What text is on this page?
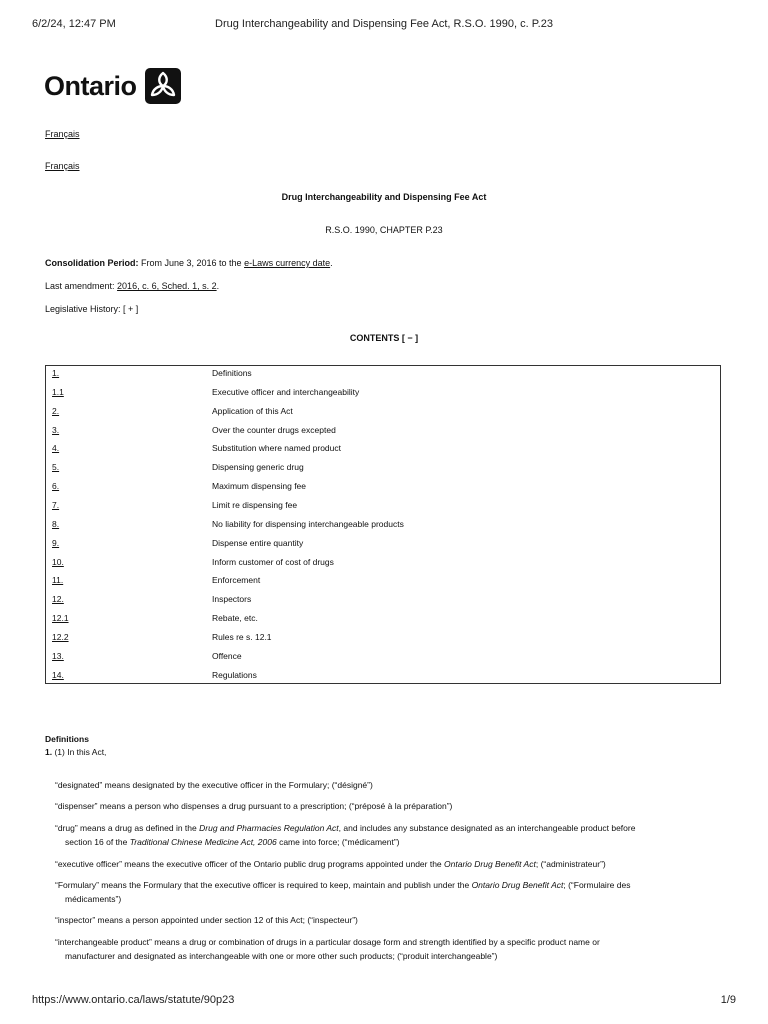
6/2/24, 12:47 PM	Drug Interchangeability and Dispensing Fee Act, R.S.O. 1990, c. P.23
Ontario
Français
Français
Drug Interchangeability and Dispensing Fee Act
R.S.O. 1990, CHAPTER P.23
Consolidation Period: From June 3, 2016 to the e-Laws currency date.
Last amendment: 2016, c. 6, Sched. 1, s. 2.
Legislative History: [ + ]
CONTENTS [ − ]
1.	Definitions
1.1	Executive officer and interchangeability
2.	Application of this Act
3.	Over the counter drugs excepted
4.	Substitution where named product
5.	Dispensing generic drug
6.	Maximum dispensing fee
7.	Limit re dispensing fee
8.	No liability for dispensing interchangeable products
9.	Dispense entire quantity
10.	Inform customer of cost of drugs
11.	Enforcement
12.	Inspectors
12.1	Rebate, etc.
12.2	Rules re s. 12.1
13.	Offence
14.	Regulations
Definitions
1. (1) In this Act,
“designated” means designated by the executive officer in the Formulary; (“désigné”)
“dispenser” means a person who dispenses a drug pursuant to a prescription; (“préposé à la préparation”)
“drug” means a drug as defined in the Drug and Pharmacies Regulation Act, and includes any substance designated as an interchangeable product before
section 16 of the Traditional Chinese Medicine Act, 2006 came into force; (“médicament”)
“executive officer” means the executive officer of the Ontario public drug programs appointed under the Ontario Drug Benefit Act; (“administrateur”)
“Formulary” means the Formulary that the executive officer is required to keep, maintain and publish under the Ontario Drug Benefit Act; (“Formulaire des
médicaments”)
“inspector” means a person appointed under section 12 of this Act; (“inspecteur”)
“interchangeable product” means a drug or combination of drugs in a particular dosage form and strength identified by a specific product name or
manufacturer and designated as interchangeable with one or more other such products; (“produit interchangeable”)
https://www.ontario.ca/laws/statute/90p23	1/9
